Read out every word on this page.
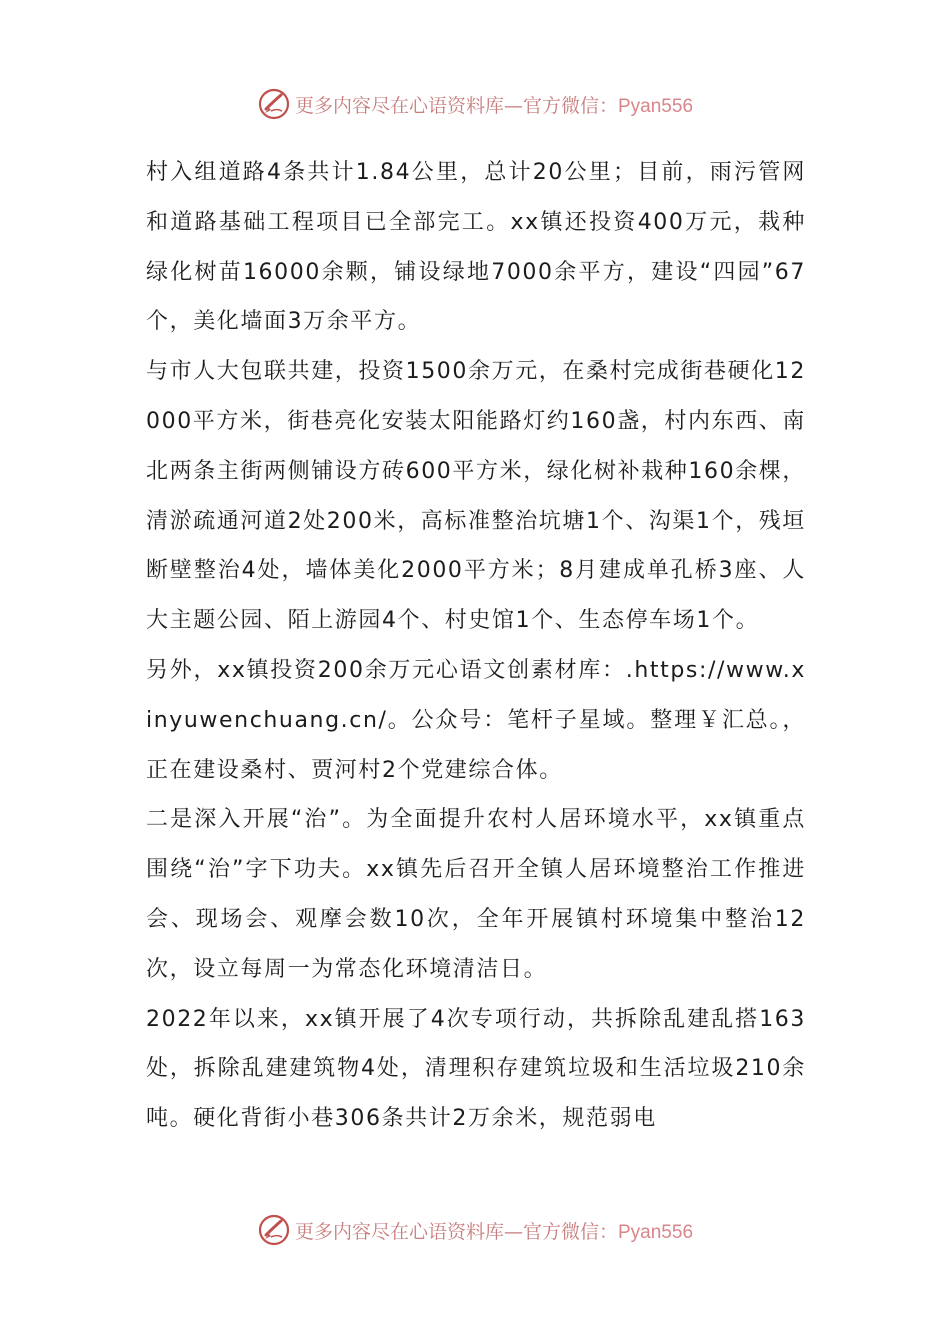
更多内容尽在心语资料库—官方微信：Pyan556

村入组道路4条共计1.84公里，总计20公里；目前，雨污管网和道路基础工程项目已全部完工。xx镇还投资400万元，栽种绿化树苗16000余颗，铺设绿地7000余平方，建设“四园”67个，美化墙面3万余平方。

与市人大包联共建，投资1500余万元，在桑村完成街巷硬化12000平方米，街巷亮化安装太阳能路灯约160盏，村内东西、南北两条主街两侧铺设方砖600平方米，绿化树补栽种160余棵，清淤疏通河道2处200米，高标准整治坑塘1个、沟渠1个，残垣断壁整治4处，墙体美化2000平方米；8月建成单孔桥3座、人大主题公园、陌上游园4个、村史馆1个、生态停车场1个。

另外，xx镇投资200余万元心语文创素材库：.https://www.xinyuwenchuang.cn/。公众号：笔杆子星域。整理￥汇总。，正在建设桑村、贾河村2个党建综合体。

二是深入开展“治”。为全面提升农村人居环境水平，xx镇重点围绕“治”字下功夫。xx镇先后召开全镇人居环境整治工作推进会、现场会、观摩会数10次，全年开展镇村环境集中整治12次，设立每周一为常态化环境清洁日。

2022年以来，xx镇开展了4次专项行动，共拆除乱建乱搭163处，拆除乱建建筑物4处，清理积存建筑垃圾和生活垃圾210余吨。硬化背街小巷306条共计2万余米，规范弱电

更多内容尽在心语资料库—官方微信：Pyan556
